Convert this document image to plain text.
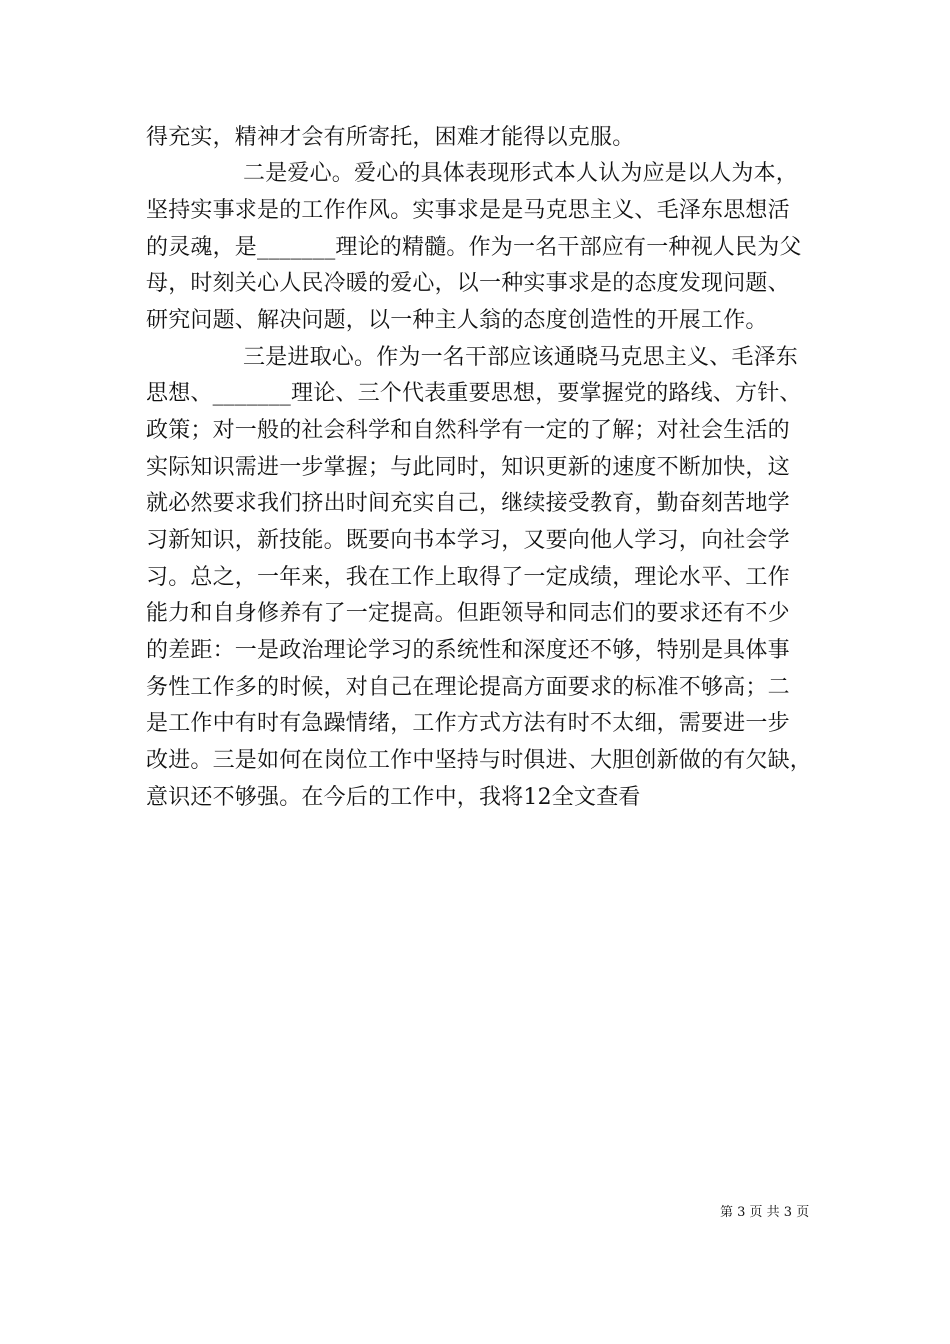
得充实，精神才会有所寄托，困难才能得以克服。
二是爱心。爱心的具体表现形式本人认为应是以人为本，
坚持实事求是的工作作风。实事求是是马克思主义、毛泽东思想活
的灵魂，是_______理论的精髓。作为一名干部应有一种视人民为父
母，时刻关心人民冷暖的爱心，以一种实事求是的态度发现问题、
研究问题、解决问题，以一种主人翁的态度创造性的开展工作。
三是进取心。作为一名干部应该通晓马克思主义、毛泽东
思想、_______理论、三个代表重要思想，要掌握党的路线、方针、
政策；对一般的社会科学和自然科学有一定的了解；对社会生活的
实际知识需进一步掌握；与此同时，知识更新的速度不断加快，这
就必然要求我们挤出时间充实自己，继续接受教育，勤奋刻苦地学
习新知识，新技能。既要向书本学习，又要向他人学习，向社会学
习。总之，一年来，我在工作上取得了一定成绩，理论水平、工作
能力和自身修养有了一定提高。但距领导和同志们的要求还有不少
的差距：一是政治理论学习的系统性和深度还不够，特别是具体事
务性工作多的时候，对自己在理论提高方面要求的标准不够高；二
是工作中有时有急躁情绪，工作方式方法有时不太细，需要进一步
改进。三是如何在岗位工作中坚持与时俱进、大胆创新做的有欠缺，
意识还不够强。在今后的工作中，我将12全文查看
第 3 页 共 3 页
